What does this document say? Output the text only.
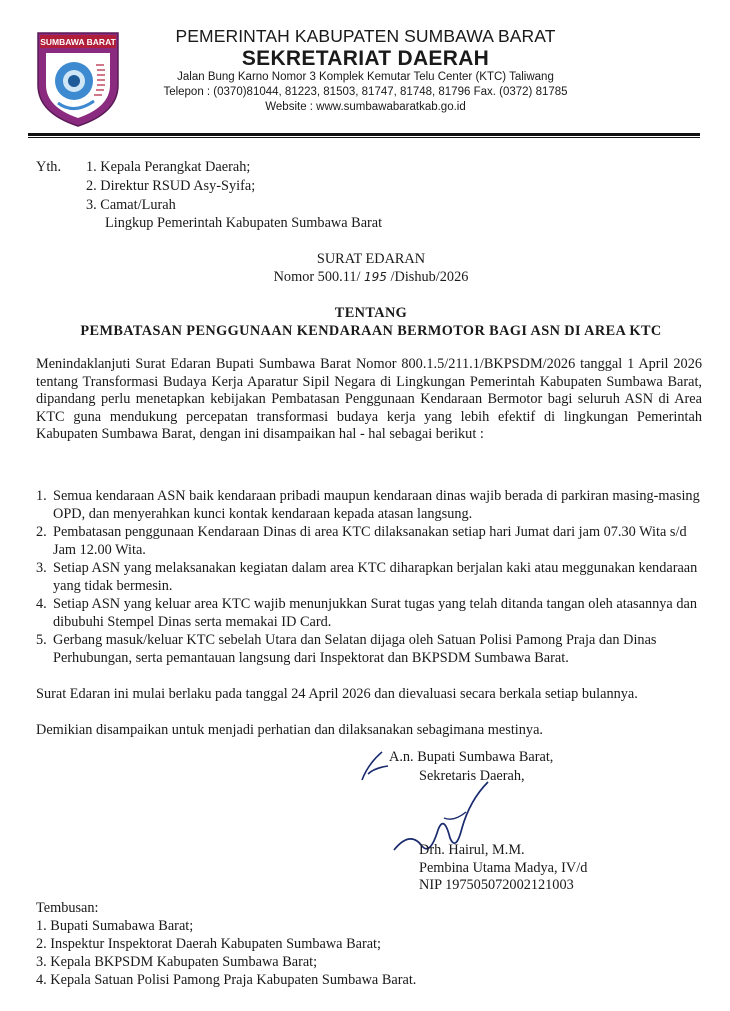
SUMBAWA BARAT	PEMERINTAH KABUPATEN SUMBAWA BARAT
SEKRETARIAT DAERAH
Jalan Bung Karno Nomor 3 Komplek Kemutar Telu Center (KTC) Taliwang
Telepon : (0370)81044, 81223, 81503, 81747, 81748, 81796 Fax. (0372) 81785
Website : www.sumbawabaratkab.go.id
Yth. 1. Kepala Perangkat Daerah;
2. Direktur RSUD Asy-Syifa;
3. Camat/Lurah
Lingkup Pemerintah Kabupaten Sumbawa Barat
SURAT EDARAN
Nomor 500.11/ 195 /Dishub/2026
TENTANG
PEMBATASAN PENGGUNAAN KENDARAAN BERMOTOR BAGI ASN DI AREA KTC
Menindaklanjuti Surat Edaran Bupati Sumbawa Barat Nomor 800.1.5/211.1/BKPSDM/2026 tanggal 1 April 2026 tentang Transformasi Budaya Kerja Aparatur Sipil Negara di Lingkungan Pemerintah Kabupaten Sumbawa Barat, dipandang perlu menetapkan kebijakan Pembatasan Penggunaan Kendaraan Bermotor bagi seluruh ASN di Area KTC guna mendukung percepatan transformasi budaya kerja yang lebih efektif di lingkungan Pemerintah Kabupaten Sumbawa Barat, dengan ini disampaikan hal - hal sebagai berikut :
1. Semua kendaraan ASN baik kendaraan pribadi maupun kendaraan dinas wajib berada di parkiran masing-masing OPD, dan menyerahkan kunci kontak kendaraan kepada atasan langsung.
2. Pembatasan penggunaan Kendaraan Dinas di area KTC dilaksanakan setiap hari Jumat dari jam 07.30 Wita s/d Jam 12.00 Wita.
3. Setiap ASN yang melaksanakan kegiatan dalam area KTC diharapkan berjalan kaki atau meggunakan kendaraan yang tidak bermesin.
4. Setiap ASN yang keluar area KTC wajib menunjukkan Surat tugas yang telah ditanda tangan oleh atasannya dan dibubuhi Stempel Dinas serta memakai ID Card.
5. Gerbang masuk/keluar KTC sebelah Utara dan Selatan dijaga oleh Satuan Polisi Pamong Praja dan Dinas Perhubungan, serta pemantauan langsung dari Inspektorat dan BKPSDM Sumbawa Barat.
Surat Edaran ini mulai berlaku pada tanggal 24 April 2026 dan dievaluasi secara berkala setiap bulannya.
Demikian disampaikan untuk menjadi perhatian dan dilaksanakan sebagimana mestinya.
A.n. Bupati Sumbawa Barat,
Sekretaris Daerah,
Drh. Hairul, M.M.
Pembina Utama Madya, IV/d
NIP 197505072002121003
Tembusan:
1. Bupati Sumabawa Barat;
2. Inspektur Inspektorat Daerah Kabupaten Sumbawa Barat;
3. Kepala BKPSDM Kabupaten Sumbawa Barat;
4. Kepala Satuan Polisi Pamong Praja Kabupaten Sumbawa Barat.
